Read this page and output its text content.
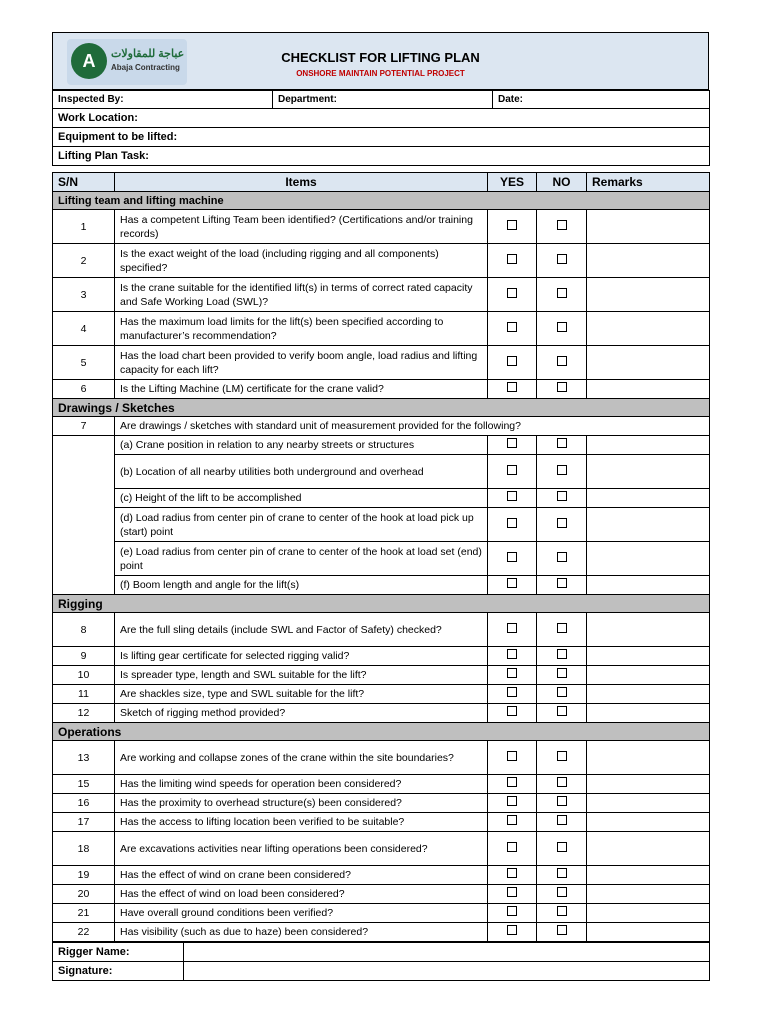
A	عباجة للمقاولات
Abaja Contracting
CHECKLIST FOR LIFTING PLAN
ONSHORE MAINTAIN POTENTIAL PROJECT
Inspected By:	Department:	Date:
Work Location:
Equipment to be lifted:
Lifting Plan Task:
S/N	Items	YES	NO	Remarks
Lifting team and lifting machine				
1	Has a competent Lifting Team been identified? (Certifications and/or training records)			
2	Is the exact weight of the load (including rigging and all components) specified?			
3	Is the crane suitable for the identified lift(s) in terms of correct rated capacity and Safe Working Load (SWL)?			
4	Has the maximum load limits for the lift(s) been specified according to manufacturer’s recommendation?			
5	Has the load chart been provided to verify boom angle, load radius and lifting capacity for each lift?			
6	Is the Lifting Machine (LM) certificate for the crane valid?			
Drawings / Sketches				
7	Are drawings / sketches with standard unit of measurement provided for the following?			
	(a) Crane position in relation to any nearby streets or structures			
	(b) Location of all nearby utilities both underground and overhead			
	(c) Height of the lift to be accomplished			
	(d) Load radius from center pin of crane to center of the hook at load pick up (start) point			
	(e) Load radius from center pin of crane to center of the hook at load set (end) point			
	(f) Boom length and angle for the lift(s)			
Rigging				
8	Are the full sling details (include SWL and Factor of Safety) checked?			
9	Is lifting gear certificate for selected rigging valid?			
10	Is spreader type, length and SWL suitable for the lift?			
11	Are shackles size, type and SWL suitable for the lift?			
12	Sketch of rigging method provided?			
Operations				
13	Are working and collapse zones of the crane within the site boundaries?			
15	Has the limiting wind speeds for operation been considered?			
16	Has the proximity to overhead structure(s) been considered?			
17	Has the access to lifting location been verified to be suitable?			
18	Are excavations activities near lifting operations been considered?			
19	Has the effect of wind on crane been considered?			
20	Has the effect of wind on load been considered?			
21	Have overall ground conditions been verified?			
22	Has visibility (such as due to haze) been considered?			
Rigger Name:	
Signature:	
